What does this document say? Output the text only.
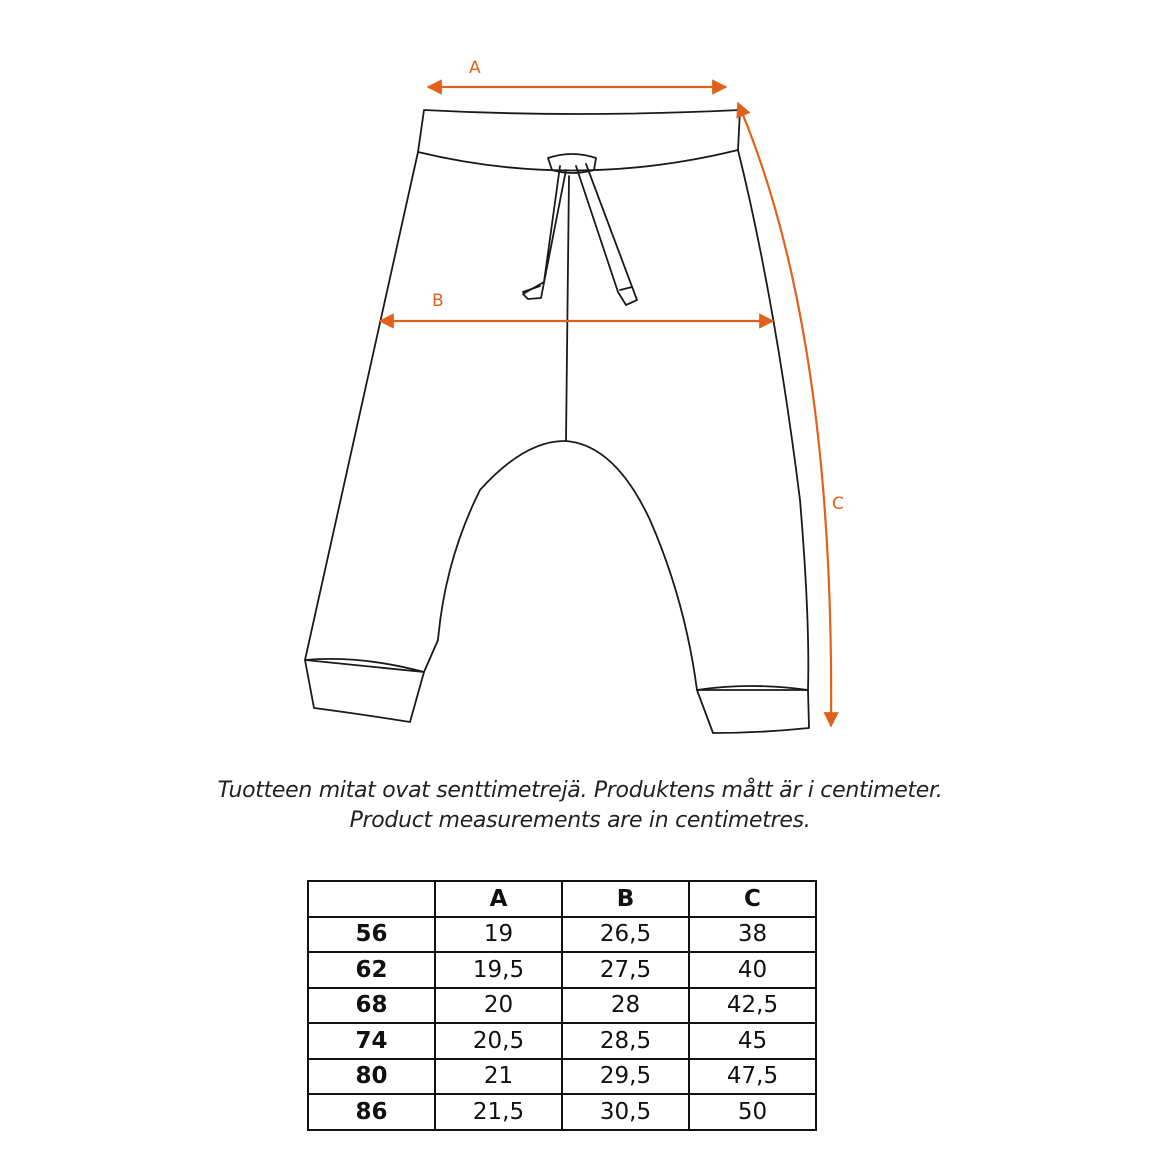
A
B
C
Tuotteen mitat ovat senttimetrejä. Produktens mått är i centimeter.
Product measurements are in centimetres.
	A	B	C
56	19	26,5	38
62	19,5	27,5	40
68	20	28	42,5
74	20,5	28,5	45
80	21	29,5	47,5
86	21,5	30,5	50
